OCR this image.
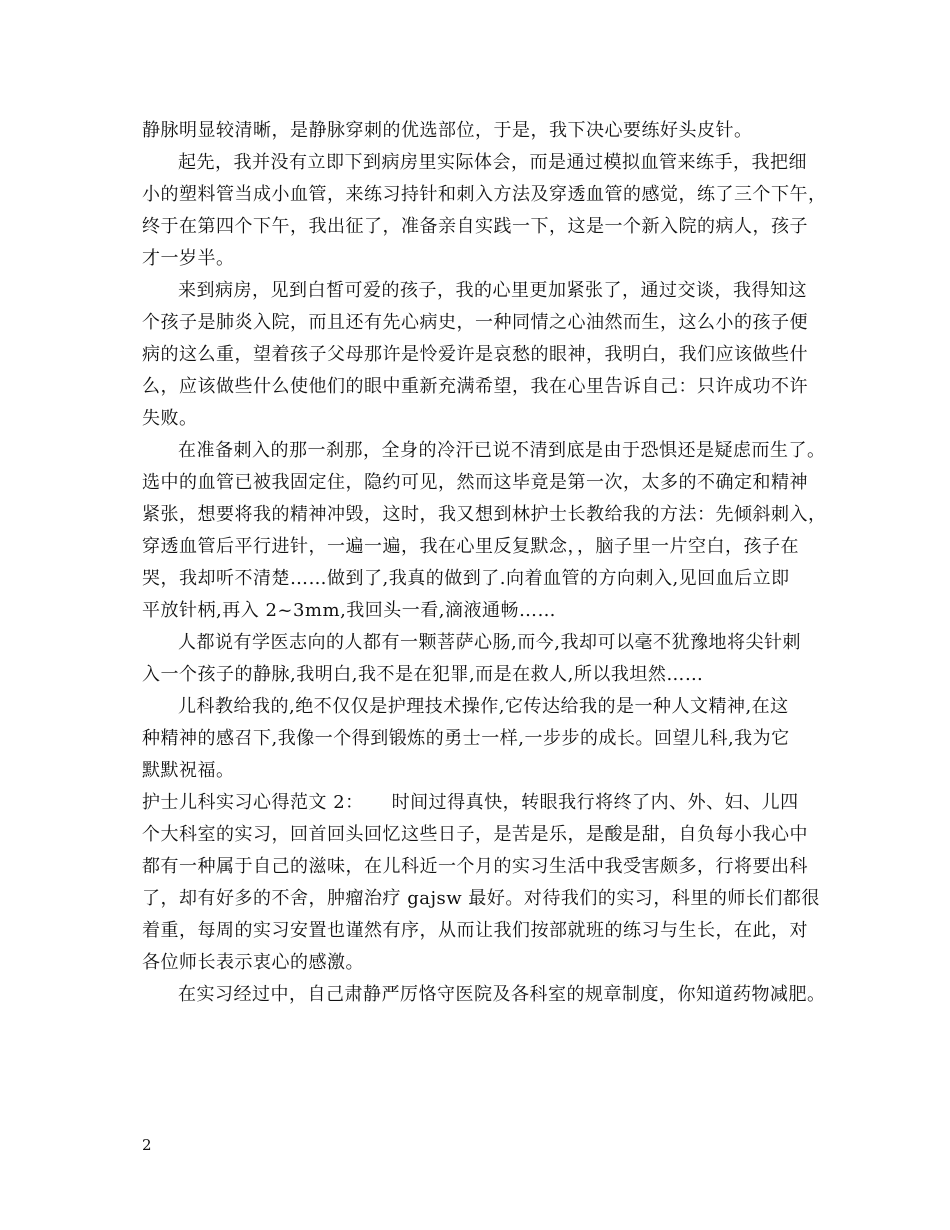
静脉明显较清晰，是静脉穿刺的优选部位，于是，我下决心要练好头皮针。
起先，我并没有立即下到病房里实际体会，而是通过模拟血管来练手，我把细
小的塑料管当成小血管，来练习持针和刺入方法及穿透血管的感觉，练了三个下午，
终于在第四个下午，我出征了，准备亲自实践一下，这是一个新入院的病人，孩子
才一岁半。
来到病房，见到白皙可爱的孩子，我的心里更加紧张了，通过交谈，我得知这
个孩子是肺炎入院，而且还有先心病史，一种同情之心油然而生，这么小的孩子便
病的这么重，望着孩子父母那许是怜爱许是哀愁的眼神，我明白，我们应该做些什
么，应该做些什么使他们的眼中重新充满希望，我在心里告诉自己：只许成功不许
失败。
在准备刺入的那一刹那，全身的冷汗已说不清到底是由于恐惧还是疑虑而生了。
选中的血管已被我固定住，隐约可见，然而这毕竟是第一次，太多的不确定和精神
紧张，想要将我的精神冲毁，这时，我又想到林护士长教给我的方法：先倾斜刺入，
穿透血管后平行进针，一遍一遍，我在心里反复默念，，脑子里一片空白，孩子在
哭，我却听不清楚……做到了,我真的做到了.向着血管的方向刺入,见回血后立即
平放针柄,再入 2~3mm,我回头一看,滴液通畅……
人都说有学医志向的人都有一颗菩萨心肠,而今,我却可以毫不犹豫地将尖针刺
入一个孩子的静脉,我明白,我不是在犯罪,而是在救人,所以我坦然……
儿科教给我的,绝不仅仅是护理技术操作,它传达给我的是一种人文精神,在这
种精神的感召下,我像一个得到锻炼的勇士一样,一步步的成长。回望儿科,我为它
默默祝福。
护士儿科实习心得范文 2：　　时间过得真快，转眼我行将终了内、外、妇、儿四
个大科室的实习，回首回头回忆这些日子，是苦是乐，是酸是甜，自负每小我心中
都有一种属于自己的滋味，在儿科近一个月的实习生活中我受害颇多，行将要出科
了，却有好多的不舍，肿瘤治疗 gajsw 最好。对待我们的实习，科里的师长们都很
着重，每周的实习安置也谨然有序，从而让我们按部就班的练习与生长，在此，对
各位师长表示衷心的感激。
在实习经过中，自己肃静严厉恪守医院及各科室的规章制度，你知道药物减肥。
2
